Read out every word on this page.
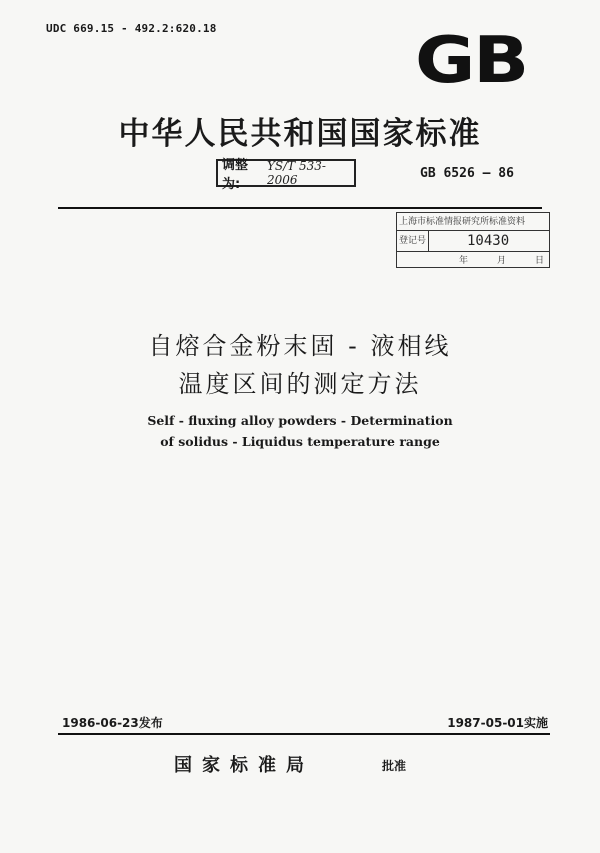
UDC 669.15 - 492.2:620.18	GB
中华人民共和国国家标准
调整为:
YS/T 533-2006	GB 6526 — 86
上海市标准情报研究所标准资料
登记号	10430
年	月	日
自熔合金粉末固 - 液相线
温度区间的测定方法
Self - fluxing alloy powders - Determination
of solidus - Liquidus temperature range
1986-06-23发布	1987-05-01实施
国家标准局	批准
